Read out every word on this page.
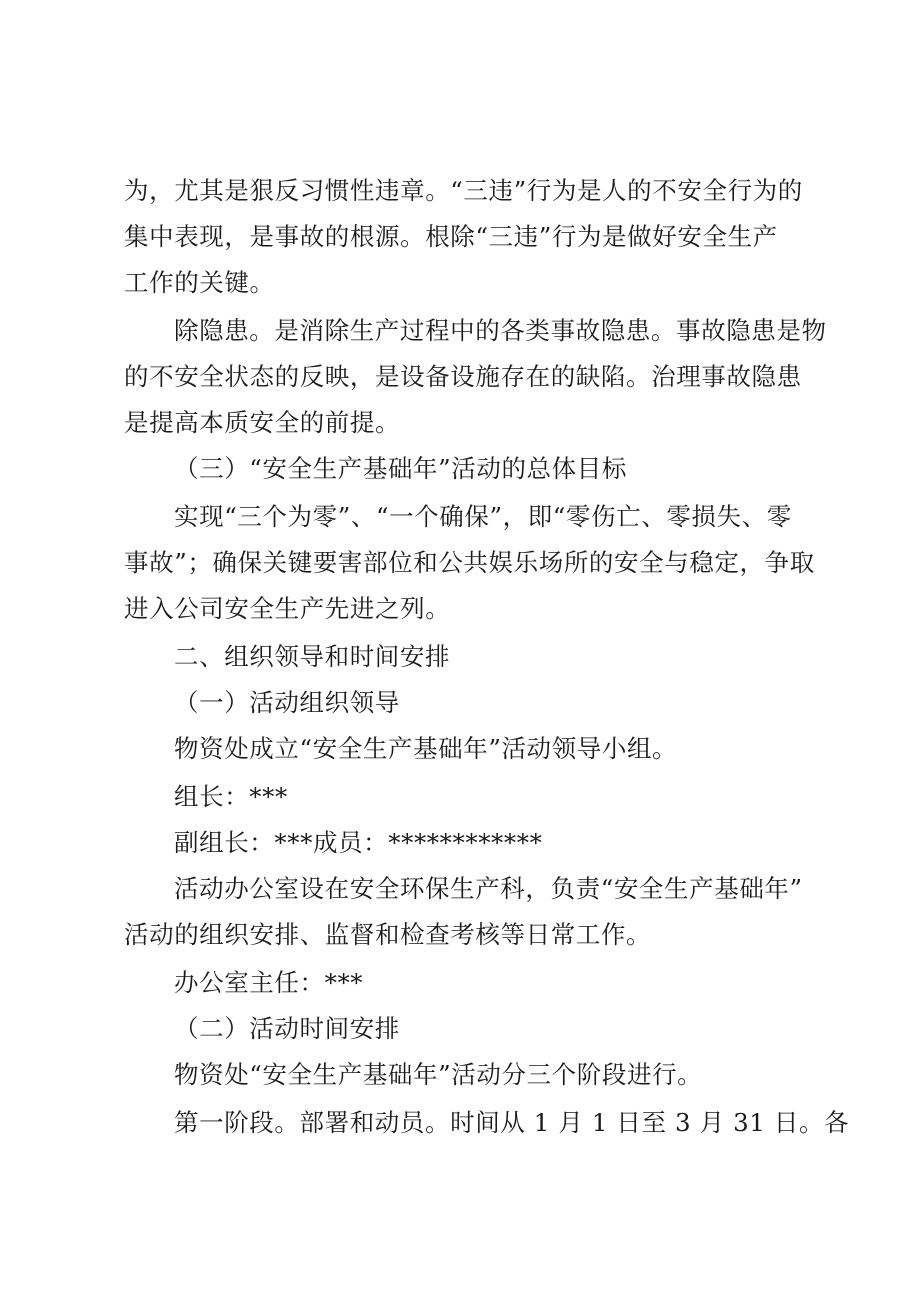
为，尤其是狠反习惯性违章。“三违”行为是人的不安全行为的
集中表现，是事故的根源。根除“三违”行为是做好安全生产
工作的关键。
除隐患。是消除生产过程中的各类事故隐患。事故隐患是物
的不安全状态的反映，是设备设施存在的缺陷。治理事故隐患
是提高本质安全的前提。
（三）“安全生产基础年”活动的总体目标
实现“三个为零”、“一个确保”，即“零伤亡、零损失、零
事故”；确保关键要害部位和公共娱乐场所的安全与稳定，争取
进入公司安全生产先进之列。
二、组织领导和时间安排
（一）活动组织领导
物资处成立“安全生产基础年”活动领导小组。
组长：***
副组长：***成员：************
活动办公室设在安全环保生产科，负责“安全生产基础年”
活动的组织安排、监督和检查考核等日常工作。
办公室主任：***
（二）活动时间安排
物资处“安全生产基础年”活动分三个阶段进行。
第一阶段。部署和动员。时间从 1 月 1 日至 3 月 31 日。各
